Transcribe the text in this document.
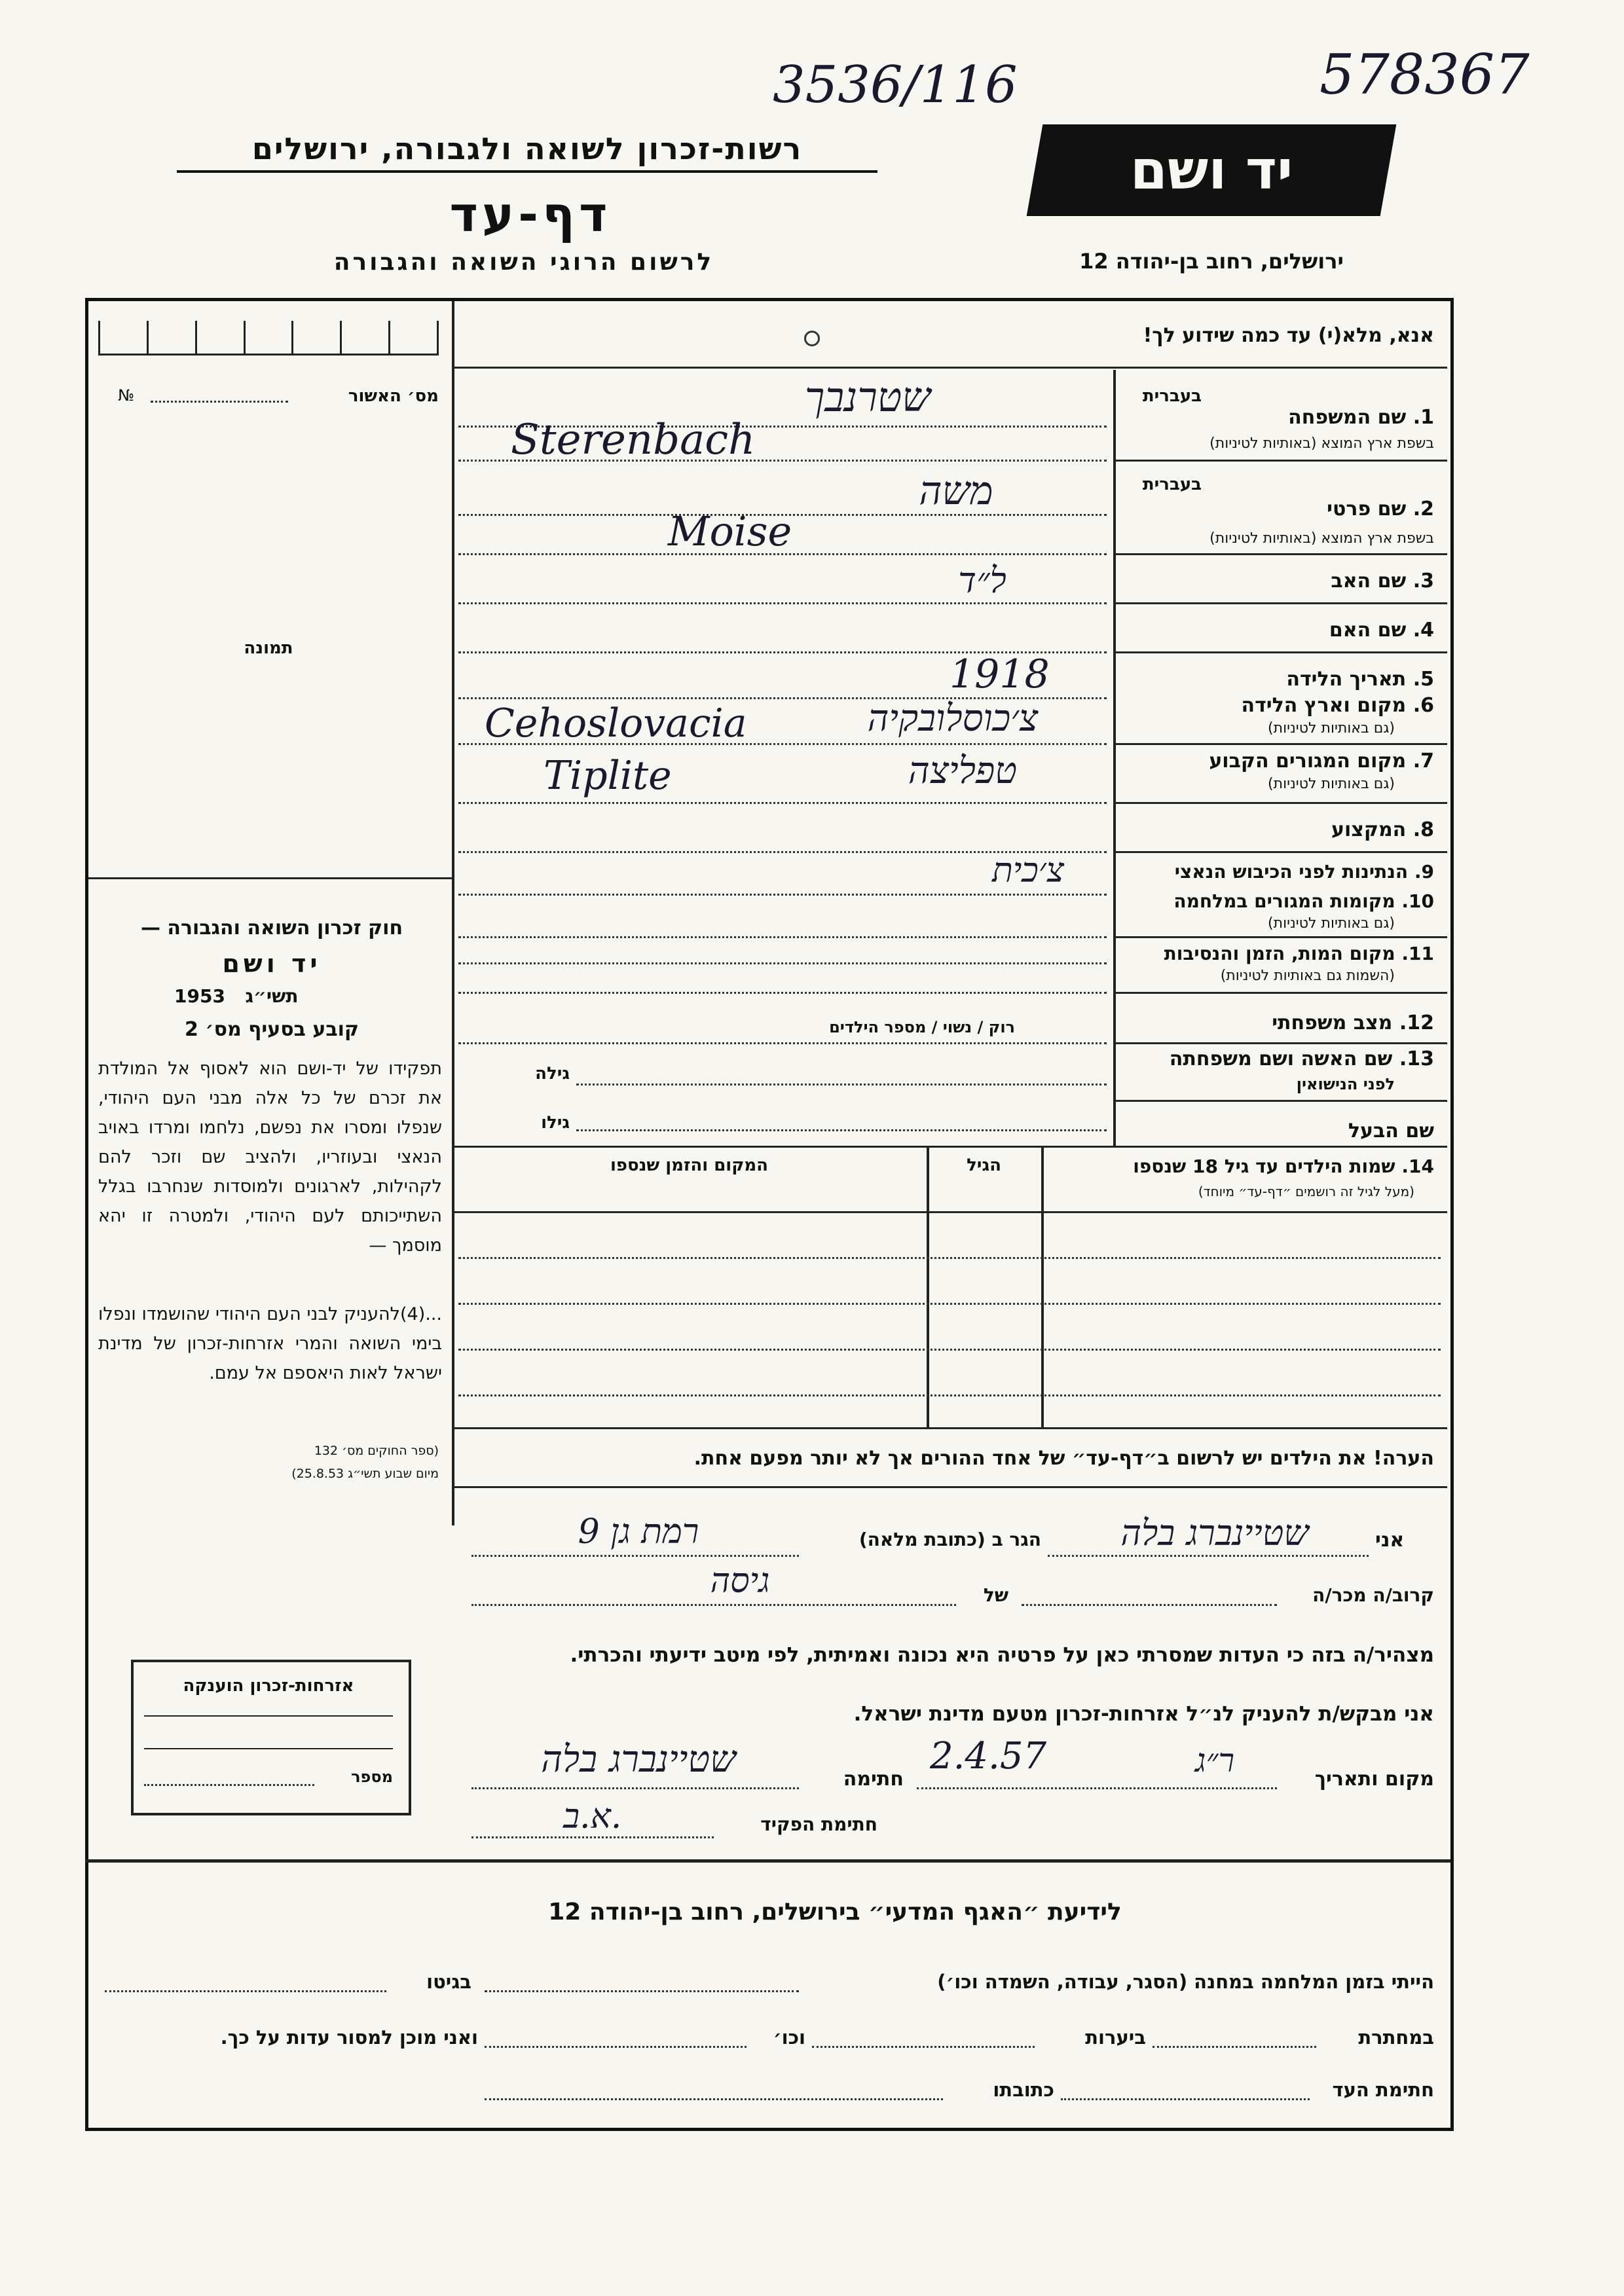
3536/116	578367
רשות-זכרון לשואה ולגבורה, ירושלים
דף-עד
לרשום הרוגי השואה והגבורה
יד ושם
ירושלים, רחוב בן-יהודה 12
מס׳ האשור
№
תמונה
חוק זכרון השואה והגבורה —
יד ושם
תשי״ג
1953
קובע בסעיף מס׳ 2
תפקידו של יד-ושם הוא לאסוף אל המולדת את זכרם של כל אלה מבני העם היהודי, שנפלו ומסרו את נפשם, נלחמו ומרדו באויב הנאצי ובעוזריו, ולהציב שם וזכר להם לקהילות, לארגונים ולמוסדות שנחרבו בגלל השתייכותם לעם היהודי, ולמטרה זו יהא מוסמך —
...(4)להעניק לבני העם היהודי שהושמדו ונפלו בימי השואה והמרי אזרחות-זכרון של מדינת ישראל לאות היאספם אל עמם.
(ספר החוקים מס׳ 132
מיום שבוע תשי״ג 25.8.53)
אנא, מלא(י) עד כמה שידוע לך!
בעברית
1. שם המשפחה
בשפת ארץ המוצא (באותיות לטיניות)
בעברית
2. שם פרטי
בשפת ארץ המוצא (באותיות לטיניות)
3. שם האב
4. שם האם
5. תאריך הלידה
6. מקום וארץ הלידה
(גם באותיות לטיניות)
7. מקום המגורים הקבוע
(גם באותיות לטיניות)
8. המקצוע
9. הנתינות לפני הכיבוש הנאצי
10. מקומות המגורים במלחמה
(גם באותיות לטיניות)
11. מקום המות, הזמן והנסיבות
(השמות גם באותיות לטיניות)
12. מצב משפחתי
13. שם האשה ושם משפחתה
לפני הנישואין
שם הבעל
שטרנבך
Sterenbach
משה
Moise
ל״ד
1918
צ׳כוסלובקיה
Cehoslovacia
טפליצה
Tiplite
צ׳כית
רוק / נשוי / מספר הילדים
גילה
גילו
14. שמות הילדים עד גיל 18 שנספו
(מעל לגיל זה רושמים ״דף-עד״ מיוחד)
הגיל
המקום והזמן שנספו
הערה! את הילדים יש לרשום ב״דף-עד״ של אחד ההורים אך לא יותר מפעם אחת.
אני
שטיינברג בלה
הגר ב (כתובת מלאה)
רמת גן 9
קרוב/ה מכר/ה
של
גיסה
מצהיר/ה בזה כי העדות שמסרתי כאן על פרטיה היא נכונה ואמיתית, לפי מיטב ידיעתי והכרתי.
אני מבקש/ת להעניק לנ״ל אזרחות-זכרון מטעם מדינת ישראל.
מקום ותאריך
ר״ג
2.4.57
חתימה
שטיינברג בלה
חתימת הפקיד
א.ב.
אזרחות-זכרון הוענקה
מספר
לידיעת ״האגף המדעי״ בירושלים, רחוב בן-יהודה 12
הייתי בזמן המלחמה במחנה (הסגר, עבודה, השמדה וכו׳)
בגיטו
במחתרת
ביערות
וכו׳
ואני מוכן למסור עדות על כך.
חתימת העד
כתובתו
